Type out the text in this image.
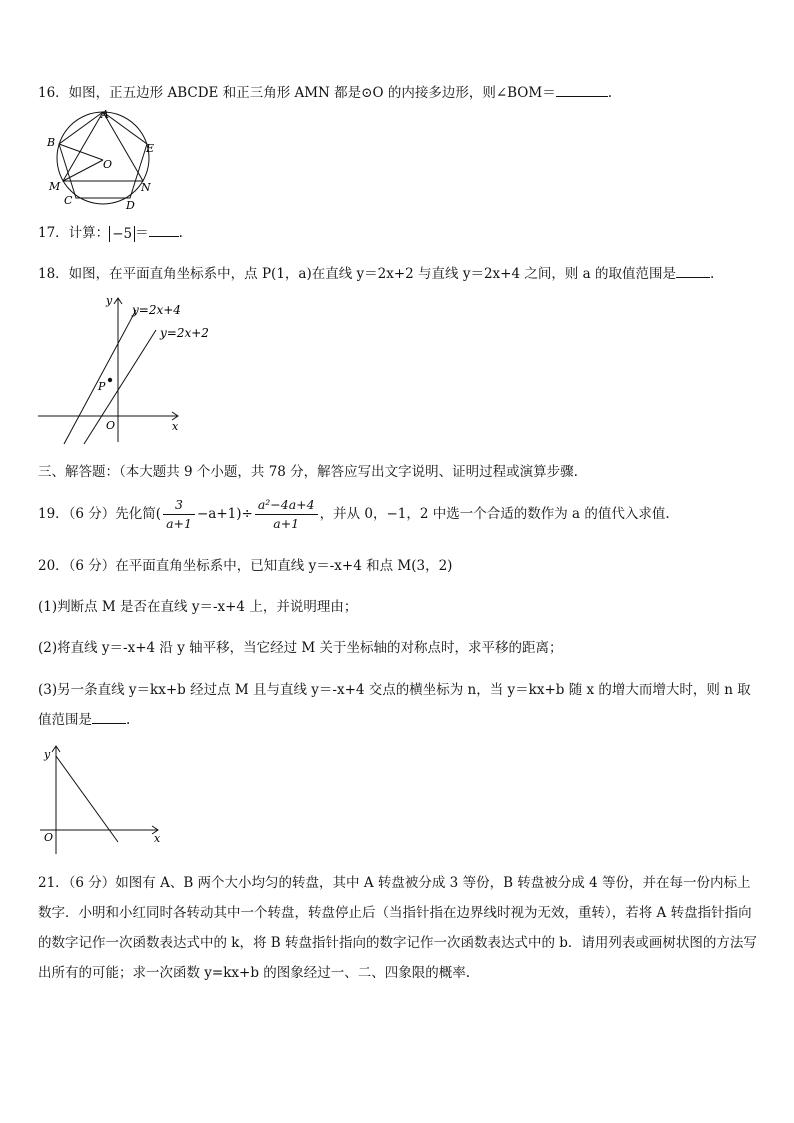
16．如图，正五边形 ABCDE 和正三角形 AMN 都是⊙O 的内接多边形，则∠BOM＝	.
A
B
C	D
E
M	N
O
17．计算： −5 ＝ .
18．如图，在平面直角坐标系中，点 P(1，a)在直线 y＝2x+2 与直线 y＝2x+4 之间，则 a 的取值范围是	.
P
y
x
O
y=2x+4
y=2x+2
三、解答题：（本大题共 9 个小题，共 78 分，解答应写出文字说明、证明过程或演算步骤.
19．（6 分）先化简( $\frac{3}{a+1} -a+1)\div \frac{\text{a²−4a+4}}{a+1}$ ，并从 0，−1，2 中选一个合适的数作为 a 的值代入求值.
20．（6 分）在平面直角坐标系中，已知直线 y＝-x+4 和点 M(3，2)
(1)判断点 M 是否在直线 y＝-x+4 上，并说明理由；
(2)将直线 y＝-x+4 沿 y 轴平移，当它经过 M 关于坐标轴的对称点时，求平移的距离；
(3)另一条直线 y＝kx+b 经过点 M 且与直线 y＝-x+4 交点的横坐标为 n，当 y＝kx+b 随 x 的增大而增大时，则 n 取值范围是	.
y
x
O
21．（6 分）如图有 A、B 两个大小均匀的转盘，其中 A 转盘被分成 3 等份，B 转盘被分成 4 等份，并在每一份内标上数字．小明和小红同时各转动其中一个转盘，转盘停止后（当指针指在边界线时视为无效，重转），若将 A 转盘指针指向的数字记作一次函数表达式中的 k，将 B 转盘指针指向的数字记作一次函数表达式中的 b．请用列表或画树状图的方法写出所有的可能；求一次函数 y=kx+b 的图象经过一、二、四象限的概率.
